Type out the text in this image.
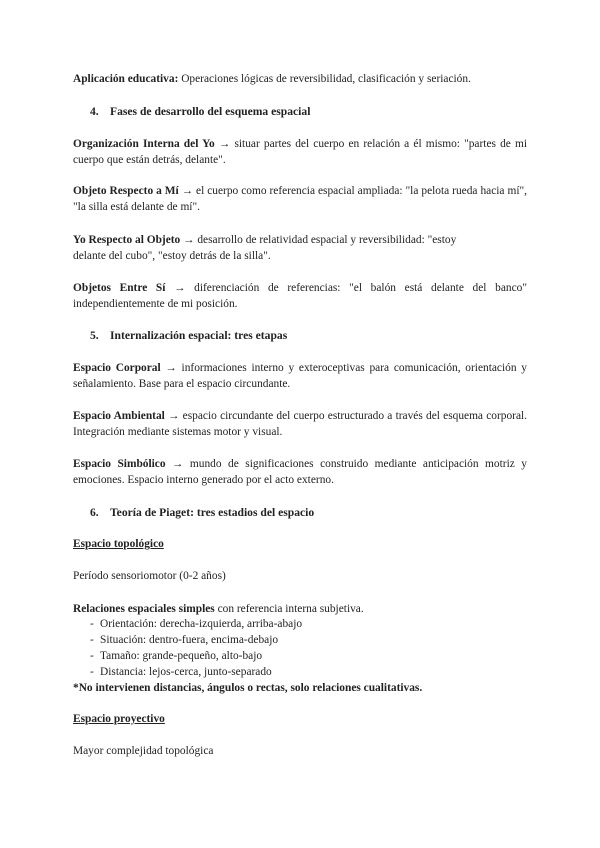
Aplicación educativa: Operaciones lógicas de reversibilidad, clasificación y seriación.
4. Fases de desarrollo del esquema espacial
Organización Interna del Yo → situar partes del cuerpo en relación a él mismo: "partes de mi cuerpo que están detrás, delante".
Objeto Respecto a Mí → el cuerpo como referencia espacial ampliada: "la pelota rueda hacia mí", "la silla está delante de mí".
Yo Respecto al Objeto → desarrollo de relatividad espacial y reversibilidad: "estoy
delante del cubo", "estoy detrás de la silla".
Objetos Entre Sí → diferenciación de referencias: "el balón está delante del banco" independientemente de mi posición.
5. Internalización espacial: tres etapas
Espacio Corporal → informaciones interno y exteroceptivas para comunicación, orientación y señalamiento. Base para el espacio circundante.
Espacio Ambiental → espacio circundante del cuerpo estructurado a través del esquema corporal. Integración mediante sistemas motor y visual.
Espacio Simbólico → mundo de significaciones construido mediante anticipación motriz y emociones. Espacio interno generado por el acto externo.
6. Teoría de Piaget: tres estadios del espacio
Espacio topológico
Período sensoriomotor (0-2 años)
Relaciones espaciales simples con referencia interna subjetiva.
- Orientación: derecha-izquierda, arriba-abajo
- Situación: dentro-fuera, encima-debajo
- Tamaño: grande-pequeño, alto-bajo
- Distancia: lejos-cerca, junto-separado
*No intervienen distancias, ángulos o rectas, solo relaciones cualitativas.
Espacio proyectivo
Mayor complejidad topológica
